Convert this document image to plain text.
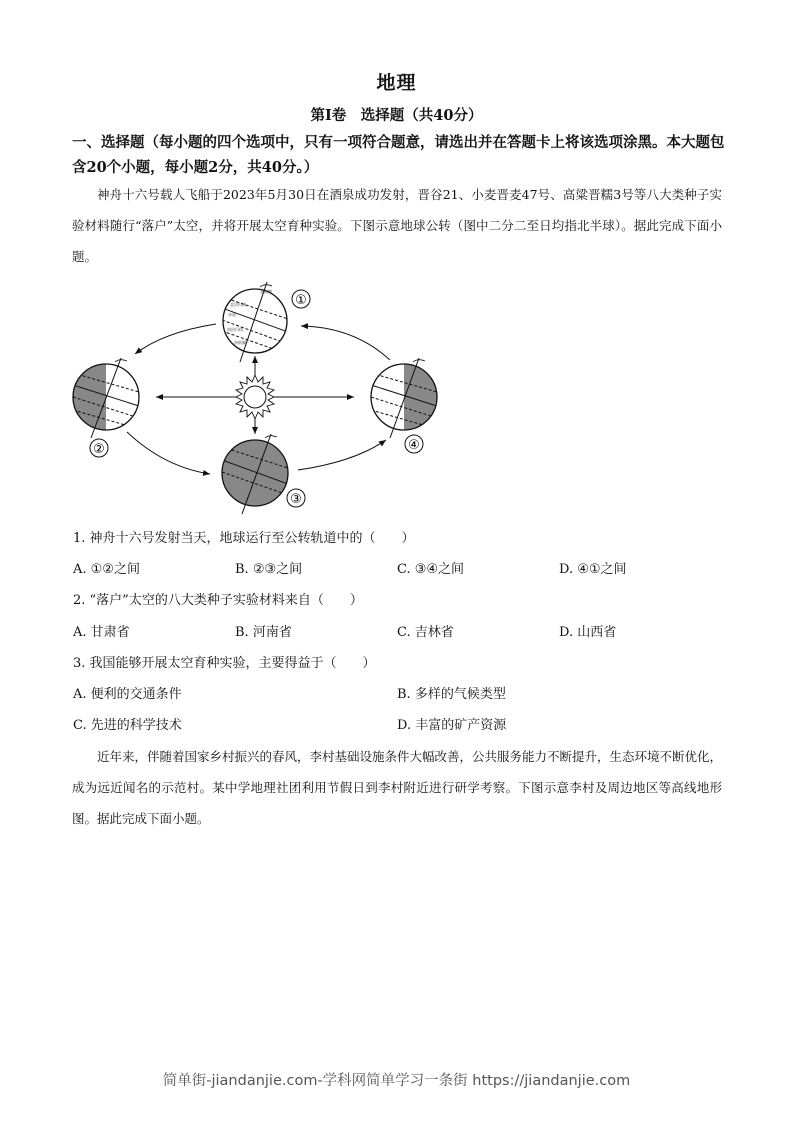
地理
第Ⅰ卷　选择题（共40分）
一、选择题（每小题的四个选项中，只有一项符合题意，请选出并在答题卡上将该选项涂黑。本大题包含20个小题，每小题2分，共40分。）
神舟十六号载人飞船于2023年5月30日在酒泉成功发射，晋谷21、小麦晋麦47号、高粱晋糯3号等八大类种子实验材料随行“落户”太空，并将开展太空育种实验。下图示意地球公转（图中二分二至日均指北半球）。据此完成下面小题。
北极圈
北回归线
赤道
南回归线
南极圈
①
②
③
④
1. 神舟十六号发射当天，地球运行至公转轨道中的（　　）
A. ①②之间	B. ②③之间	C. ③④之间	D. ④①之间
2. “落户”太空的八大类种子实验材料来自（　　）
A. 甘肃省	B. 河南省	C. 吉林省	D. 山西省
3. 我国能够开展太空育种实验，主要得益于（　　）
A. 便利的交通条件	B. 多样的气候类型
C. 先进的科学技术	D. 丰富的矿产资源
近年来，伴随着国家乡村振兴的春风，李村基础设施条件大幅改善，公共服务能力不断提升，生态环境不断优化，成为远近闻名的示范村。某中学地理社团利用节假日到李村附近进行研学考察。下图示意李村及周边地区等高线地形图。据此完成下面小题。
简单街-jiandanjie.com-学科网简单学习一条街 https://jiandanjie.com
